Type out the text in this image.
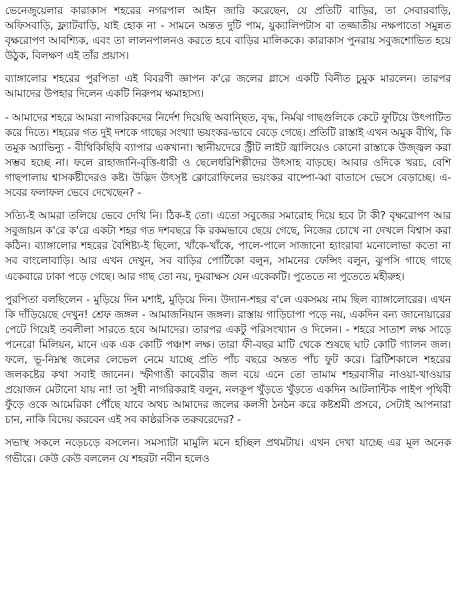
ভেনেজুয়েলার কারাকাস শহরের নগরপাল আইন জারি করেছেন, যে প্রতিটি বাড়ির, তা সেবারবাড়ি, অফিসবাড়ি, ফ্ল্যাটবাড়ি, যাই হোক না - সামনে অন্তত দুটি পাম, য়ুক্যালিপটাস বা তজ্জাতীয় নক্ষপাতো সমুন্নত বৃক্ষরোপণ আবশ্যিক, এবং তা লালনপালনও করতে হবে বাড়ির মালিককে। কারাকাস পুনরায় সবুজশোভিত হয়ে উঠুক, বিলক্ষণ এই তাঁর প্রয়াস।

ব্যাঙ্গালোর শহরের পুরপিতা এই বিবরণী জ্ঞাপন ক'রে জলের গ্লাসে একটি বিনীত চুমুক মারলেন। তারপর আমাদের উপহার দিলেন একটি নিরুপম ক্ষমাহাস্য।

- আমাদের শহরে আমরা নাগরিকদের নির্দেশ দিয়েছি অবান্ছিত, বৃদ্ধ, নির্মঝ গাছগুলিকে কেটে ফুটিয়ে উৎপাটিত করে দিতে। শহরের গত দুই দশকে গাছের সংখ্যা ভয়ংকর-ভাবে বেড়ে গেছে। প্রতিটি রাস্তাই এখন অমুক বীথি, কি তমুক অ্যাভিন্যু - বীথিকিছিবি ব্যাপার একখানা। স্থানীয়দেরে স্ট্রীট লাইট জ্বালিয়েও কোনো রাস্তাকে উজ্জ্বল করা সম্ভব হচ্ছে না। ফলে রাহাজানি-বৃত্তি-ধারী ও ছেলেধরিশিল্পীদের উৎসাহ বাড়ছে। আবার ওদিকে খরচ, বেশি গাছপালায় শ্বাসকষ্টীদেরও কষ্ট। উদ্ভিদ উৎসৃষ্ট ক্লোরোফিলের ভয়ংকর বাষ্পো-ব্বা বাতাসে ভেসে বেড়াচ্ছে। এ-সবের ফলাফল ভেবে দেখেছেন? -

সত্যি-ই আমরা তলিয়ে ভেবে দেখি নি। ঠিক-ই তো। এতো সবুজের সমারোহ দিয়ে হবে টা কী? বৃক্ষরোপণ আর সবুজায়ন ক'রে ক'রে একটা শহর গত দশবছরে কি রকমভাবে ছেয়ে গেছে, নিজের চোখে না দেখলে বিশ্বাস করা কঠিন। ব্যাঙ্গালোর শহরের বৈশিষ্ট্য-ই ছিলো, খাঁকে-খাঁকে, পালে-পালে সাজানো হ্যাংরাবা মনোলোভা কতো না সব বাংলোবাড়ি। আর এখন দেখুন, সব বাড়ির পোর্টিকো বলুন, সামনের ফেন্সিং বলুন, ঝুপসি গাছে গাছে একেবারে ঢাকা পড়ে গেছে। আর গাছ তো নয়, দুমরাক্ষস যেন একেকটি। পুতেতে না পুতেতে মহীরুহ।

পুরপিতা বলছিলেন - মুড়িয়ে দিন মশাই, মুড়িয়ে দিন। উদ্যান-শহর ব'লে একসময় নাম ছিল ব্যাঙ্গালোরের। এখন কি দাঁড়িয়েছে দেখুন! শ্রেফ জঙ্গল - আমাজনিয়ান জঙ্গল। রাস্তায় গাড়িচাপা পড়ে নয়, একদিন বন্য জানোয়ারের পেটে গিয়েই তবলীলা সারতে হবে আমাদের। তারপর একটু পরিসংখ্যান ও দিলেন। - শহরে সাতাশ লক্ষ সাড়ে পনেরো মিলিয়ন, মানে এক এক কোটি পঞ্চাশ লক্ষ। তারা ফী-বছর মাটি থেকে শুষছে ঘাট কোটি গ্যালন জল। ফলে, ভূ-নিম্নস্থ জলের লেভেল নেমে যাচ্ছে প্রতি পাঁচ বছরে অন্তত পাঁচ ফুট করে। ব্রিটিশকালে শহরের জলকষ্টের কথা সবাই জানেন। স্ফীগাঙী কাবেরীর জল বয়ে এনে তো তামাম শহরবাসীর নাওয়া-খাওয়ার প্রয়োজন মেটানো যায় না! তা সুধী নাগরিকরাই বলুন, নলকূপ খুঁড়তে খুঁড়তে একদিন আটলান্টিক পাইপ পৃথিবী ফুঁড়ে ওকে আমেরিকা পৌঁছে যাবে অথচ আমাদের জলের কলসী ঠনঠন করে কষ্টশ্রমী প্রসবে, সেটাই আপনারা চান, নাকি বিদেয় করবেন এই সব কাষ্ঠরসিক তরুবরেদের? -

সভাস্থ সকলে নড়েচড়ে বসলেন। সমস্যাটা মামুলি মনে হচ্ছিল প্রথমটায়। এখন দেখা যাচ্ছে এর মূল অনেক গভীরে। কেউ কেউ বললেন যে শহরটা নবীন হলেও
